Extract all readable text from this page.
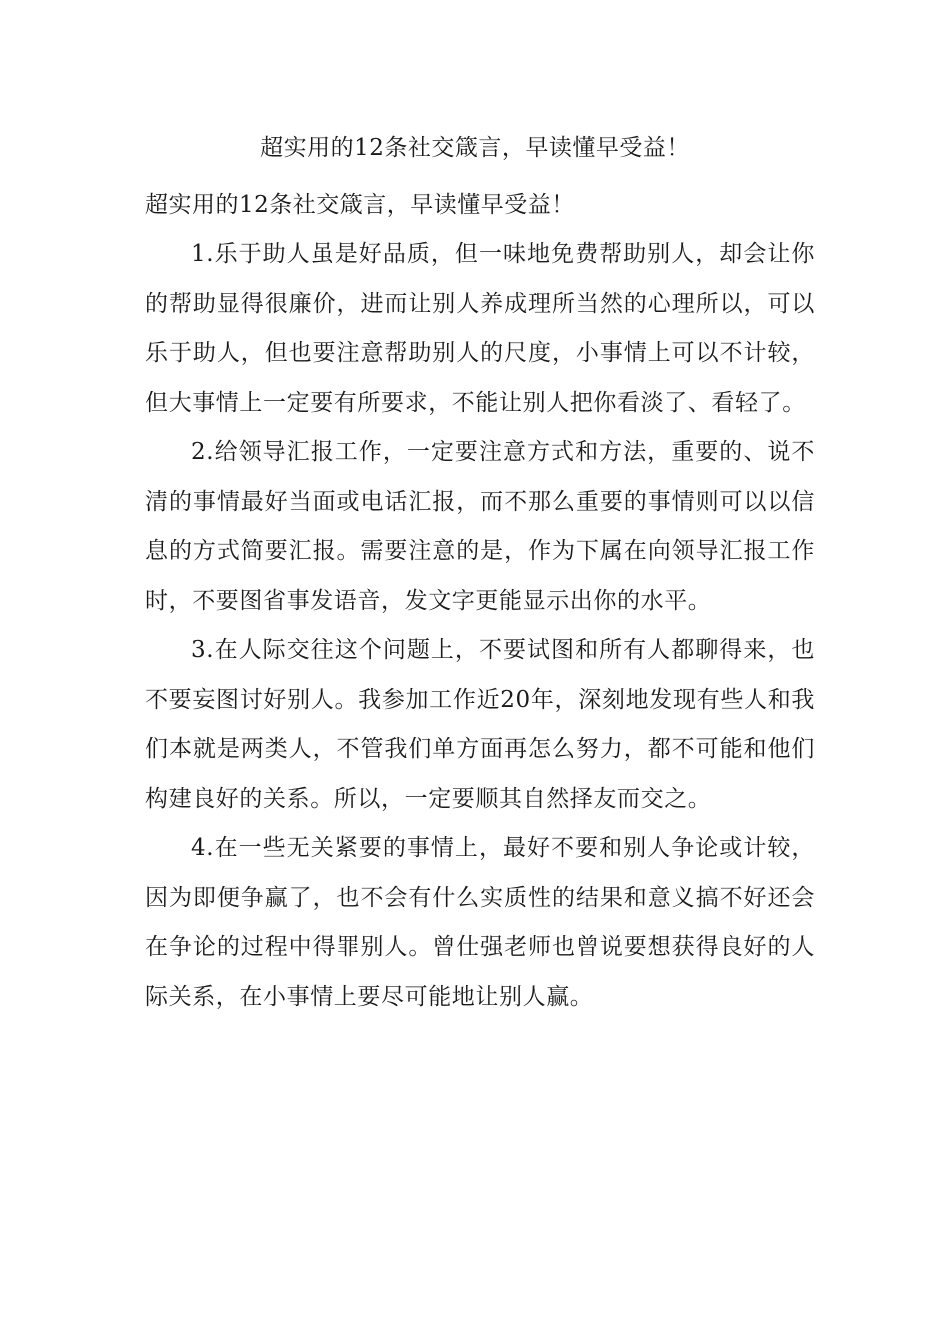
超实用的12条社交箴言，早读懂早受益！

超实用的12条社交箴言，早读懂早受益！

1.乐于助人虽是好品质，但一味地免费帮助别人，却会让你的帮助显得很廉价，进而让别人养成理所当然的心理所以，可以乐于助人，但也要注意帮助别人的尺度，小事情上可以不计较，但大事情上一定要有所要求，不能让别人把你看淡了、看轻了。

2.给领导汇报工作，一定要注意方式和方法，重要的、说不清的事情最好当面或电话汇报，而不那么重要的事情则可以以信息的方式简要汇报。需要注意的是，作为下属在向领导汇报工作时，不要图省事发语音，发文字更能显示出你的水平。

3.在人际交往这个问题上，不要试图和所有人都聊得来，也不要妄图讨好别人。我参加工作近20年，深刻地发现有些人和我们本就是两类人，不管我们单方面再怎么努力，都不可能和他们构建良好的关系。所以，一定要顺其自然择友而交之。

4.在一些无关紧要的事情上，最好不要和别人争论或计较，因为即便争赢了，也不会有什么实质性的结果和意义搞不好还会在争论的过程中得罪别人。曾仕强老师也曾说要想获得良好的人际关系，在小事情上要尽可能地让别人赢。
